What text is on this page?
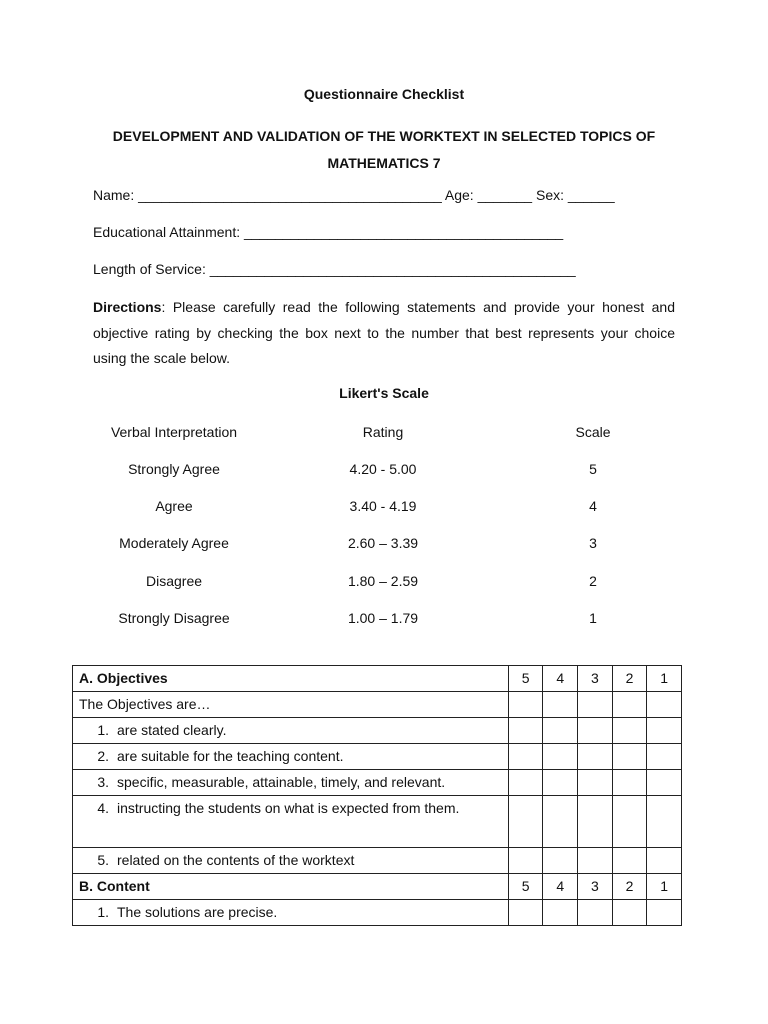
Questionnaire Checklist
DEVELOPMENT AND VALIDATION OF THE WORKTEXT IN SELECTED TOPICS OF MATHEMATICS 7
Name: _______________________________________ Age: _______ Sex: ______
Educational Attainment: _________________________________________
Length of Service: _______________________________________________
Directions: Please carefully read the following statements and provide your honest and objective rating by checking the box next to the number that best represents your choice using the scale below.
Likert's Scale
Verbal Interpretation	Rating	Scale
Strongly Agree	4.20 - 5.00	5
Agree	3.40 - 4.19	4
Moderately Agree	2.60 – 3.39	3
Disagree	1.80 – 2.59	2
Strongly Disagree	1.00 – 1.79	1
A. Objectives	5	4	3	2	1
The Objectives are…					

1. are stated clearly.					

2. are suitable for the teaching content.					

3. specific, measurable, attainable, timely, and relevant.					

4. instructing the students on what is expected from them.					

5. related on the contents of the worktext					

B. Content	5	4	3	2	1

1. The solutions are precise.					
